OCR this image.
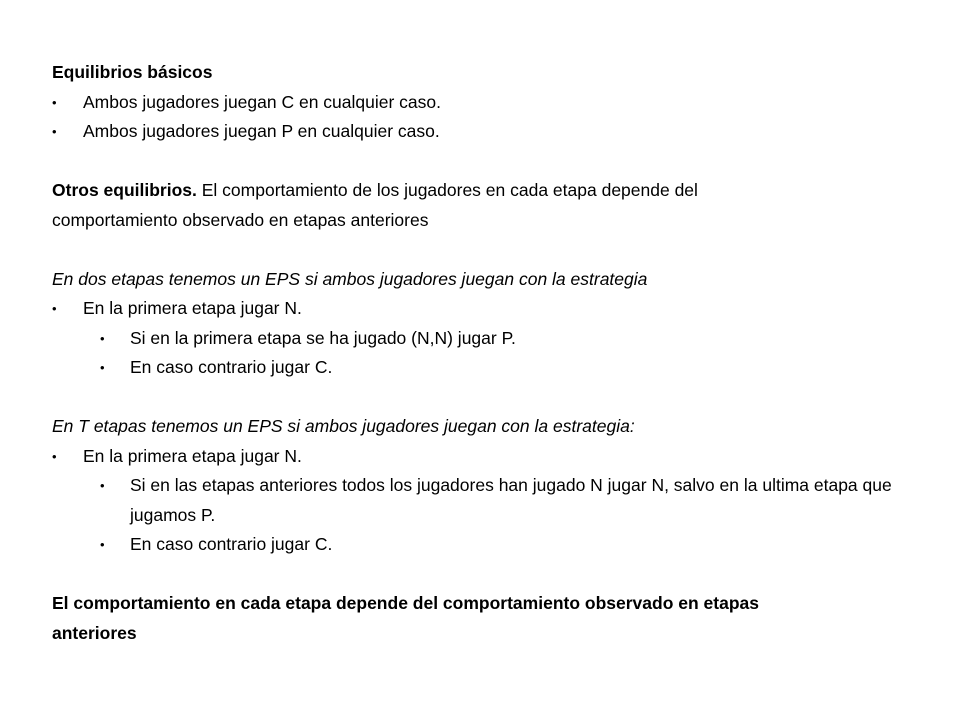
Equilibrios básicos
• Ambos jugadores juegan C en cualquier caso.
• Ambos jugadores juegan P en cualquier caso.
Otros equilibrios. El comportamiento de los jugadores en cada etapa depende del
comportamiento observado en etapas anteriores
En dos etapas tenemos un EPS si ambos jugadores juegan con la estrategia
• En la primera etapa jugar N.
• Si en la primera etapa se ha jugado (N,N) jugar P.
• En caso contrario jugar C.
En T etapas tenemos un EPS si ambos jugadores juegan con la estrategia:
• En la primera etapa jugar N.
• Si en las etapas anteriores todos los jugadores han jugado N jugar N, salvo en la ultima etapa que jugamos P.
• En caso contrario jugar C.
El comportamiento en cada etapa depende del comportamiento observado en etapas
anteriores
